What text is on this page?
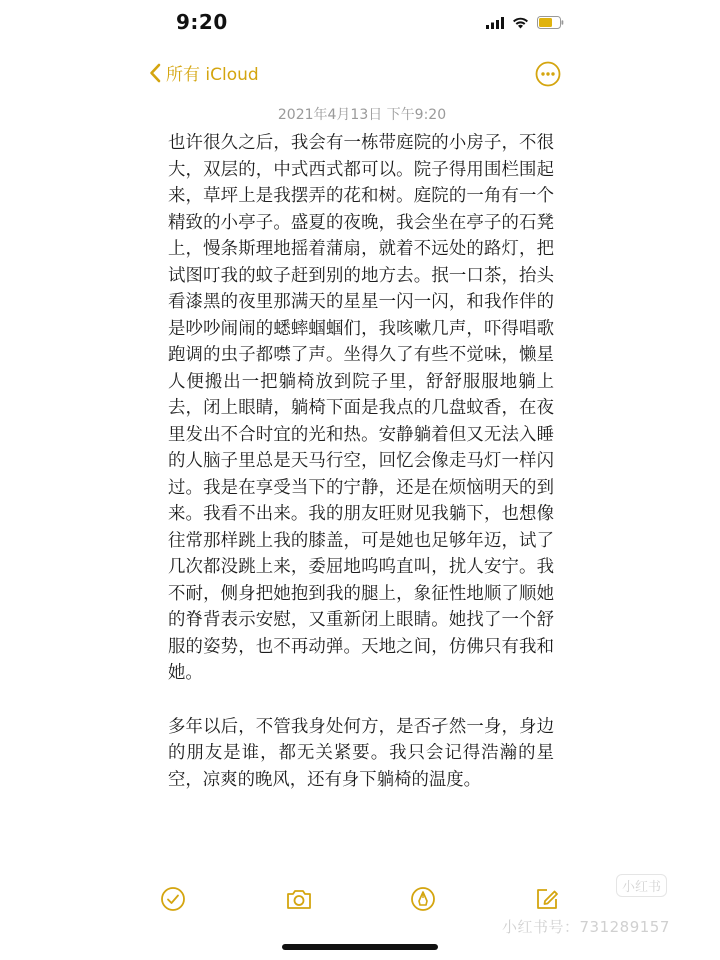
9:20
所有 iCloud
2021年4月13日 下午9:20

也许很久之后，我会有一栋带庭院的小房子，不很大，双层的，中式西式都可以。院子得用围栏围起来，草坪上是我摆弄的花和树。庭院的一角有一个精致的小亭子。盛夏的夜晚，我会坐在亭子的石凳上，慢条斯理地摇着蒲扇，就着不远处的路灯，把试图叮我的蚊子赶到别的地方去。抿一口茶，抬头看漆黑的夜里那满天的星星一闪一闪，和我作伴的是吵吵闹闹的蟋蟀蝈蝈们，我咳嗽几声，吓得唱歌跑调的虫子都噤了声。坐得久了有些不觉味，懒星人便搬出一把躺椅放到院子里，舒舒服服地躺上去，闭上眼睛，躺椅下面是我点的几盘蚊香，在夜里发出不合时宜的光和热。安静躺着但又无法入睡的人脑子里总是天马行空，回忆会像走马灯一样闪过。我是在享受当下的宁静，还是在烦恼明天的到来。我看不出来。我的朋友旺财见我躺下，也想像往常那样跳上我的膝盖，可是她也足够年迈，试了几次都没跳上来，委屈地呜呜直叫，扰人安宁。我不耐，侧身把她抱到我的腿上，象征性地顺了顺她的脊背表示安慰，又重新闭上眼睛。她找了一个舒服的姿势，也不再动弹。天地之间，仿佛只有我和她。

多年以后，不管我身处何方，是否孑然一身，身边的朋友是谁，都无关紧要。我只会记得浩瀚的星空，凉爽的晚风，还有身下躺椅的温度。

小红书
小红书号：731289157
